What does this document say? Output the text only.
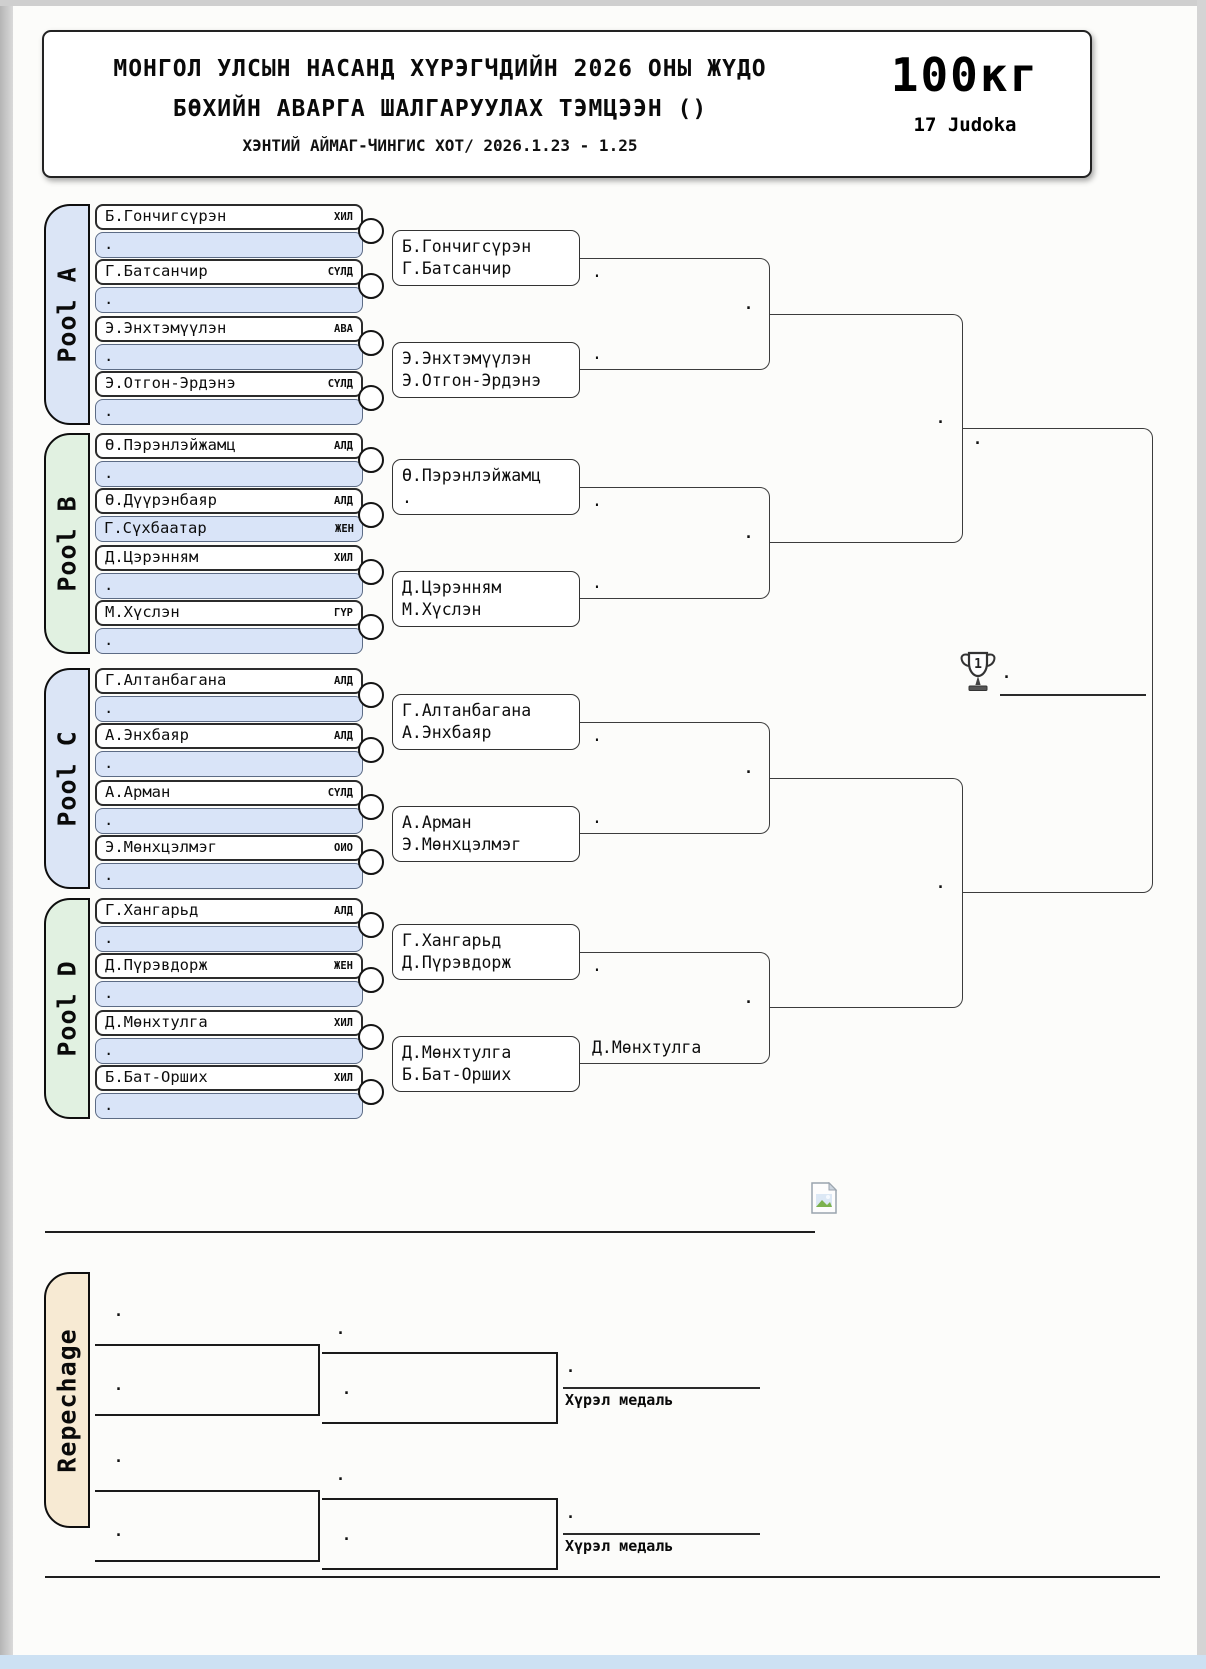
МОНГОЛ УЛСЫН НАСАНД ХҮРЭГЧДИЙН 2026 ОНЫ ЖҮДО
БӨХИЙН АВАРГА ШАЛГАРУУЛАХ ТЭМЦЭЭН ()
ХЭНТИЙ АЙМАГ-ЧИНГИС ХОТ/ 2026.1.23 - 1.25
100кг
17 Judoka
Pool A
Б.Гончигсүрэн	ХИЛ
.
Г.Батсанчир	СҮЛД
.
Э.Энхтэмүүлэн	АВА
.
Э.Отгон-Эрдэнэ	СҮЛД
.
Б.Гончигсүрэн
Г.Батсанчир
Э.Энхтэмүүлэн
Э.Отгон-Эрдэнэ
.
.
.
Pool B
Ө.Пэрэнлэйжамц	АЛД
.
Ө.Дүүрэнбаяр	АЛД
Г.Сүхбаатар	ЖЕН
Д.Цэрэнням	ХИЛ
.
М.Хүслэн	ГҮР
.
Ө.Пэрэнлэйжамц
.
Д.Цэрэнням
М.Хүслэн
.
.
.
Pool C
Г.Алтанбагана	АЛД
.
А.Энхбаяр	АЛД
.
А.Арман	СҮЛД
.
Э.Мөнхцэлмэг	ОИО
.
Г.Алтанбагана
А.Энхбаяр
А.Арман
Э.Мөнхцэлмэг
.
.
.
Pool D
Г.Хангарьд	АЛД
.
Д.Пүрэвдорж	ЖЕН
.
Д.Мөнхтулга	ХИЛ
.
Б.Бат-Орших	ХИЛ
.
Г.Хангарьд
Д.Пүрэвдорж
Д.Мөнхтулга
Б.Бат-Орших
.
Д.Мөнхтулга
.
.
.
.
1 .
Repechage
.
.
.
.
.
Хүрэл медаль
.
.
.
.
.
Хүрэл медаль
